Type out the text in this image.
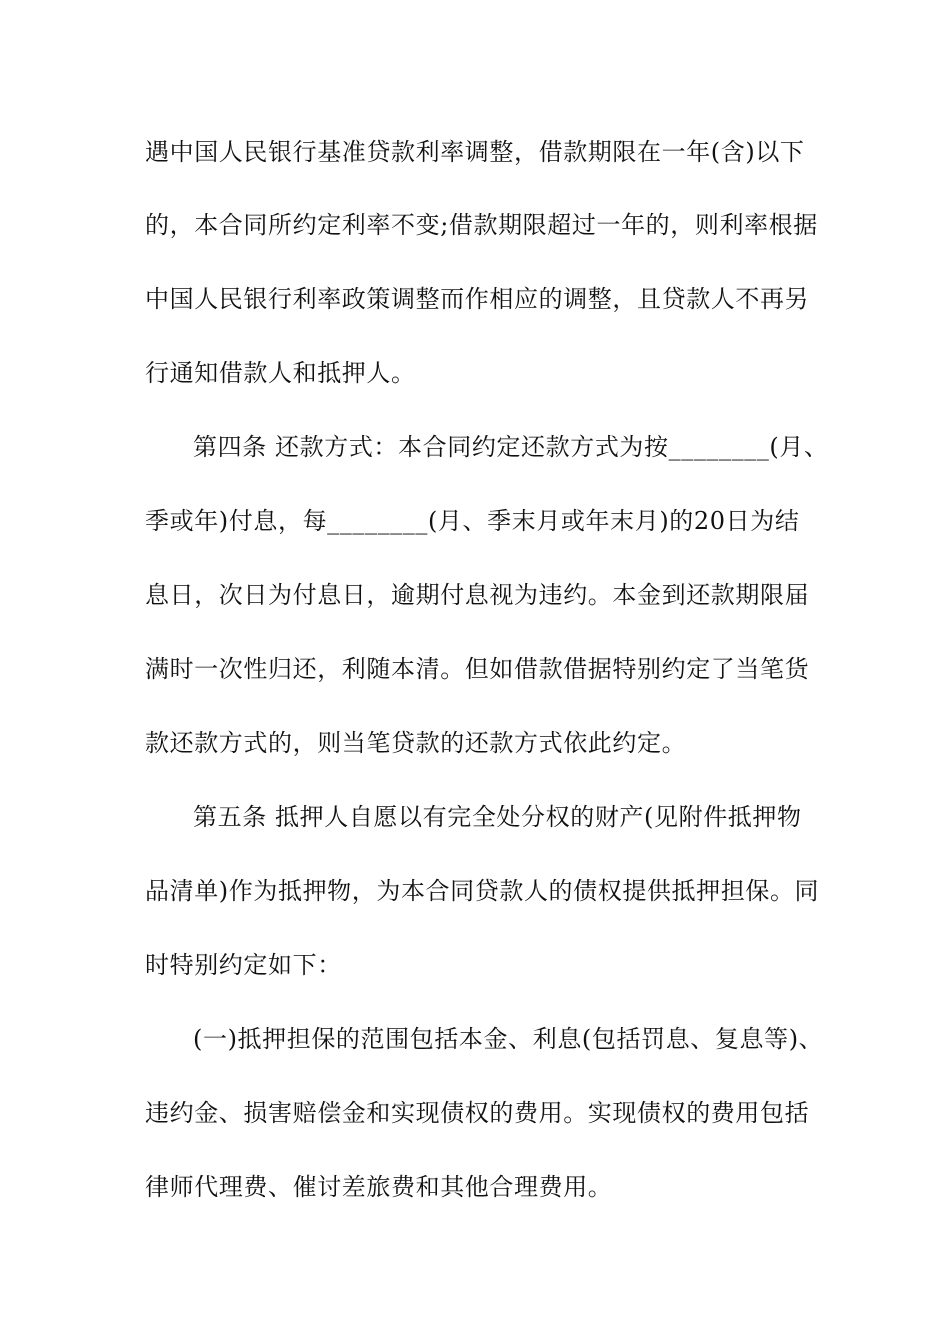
遇中国人民银行基准贷款利率调整，借款期限在一年(含)以下
的，本合同所约定利率不变;借款期限超过一年的，则利率根据
中国人民银行利率政策调整而作相应的调整，且贷款人不再另
行通知借款人和抵押人。
第四条 还款方式：本合同约定还款方式为按________(月、
季或年)付息，每________(月、季末月或年末月)的20日为结
息日，次日为付息日，逾期付息视为违约。本金到还款期限届
满时一次性归还，利随本清。但如借款借据特别约定了当笔货
款还款方式的，则当笔贷款的还款方式依此约定。
第五条 抵押人自愿以有完全处分权的财产(见附件抵押物
品清单)作为抵押物，为本合同贷款人的债权提供抵押担保。同
时特别约定如下：
(一)抵押担保的范围包括本金、利息(包括罚息、复息等)、
违约金、损害赔偿金和实现债权的费用。实现债权的费用包括
律师代理费、催讨差旅费和其他合理费用。
